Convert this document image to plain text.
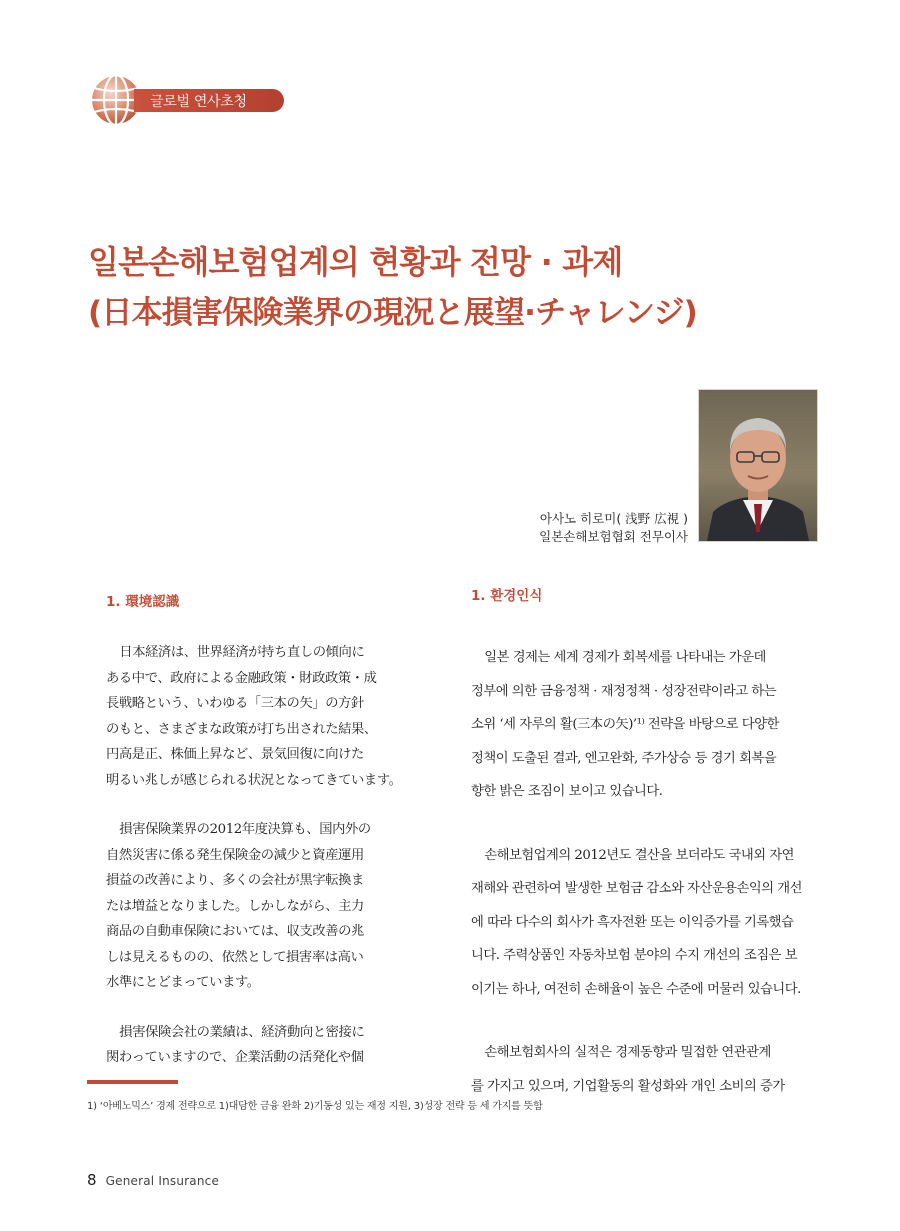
글로벌 연사초청
일본손해보험업계의 현황과 전망 · 과제
(日本損害保険業界の現況と展望·チャレンジ)
아사노 히로미( 浅野 広視 )
일본손해보험협회 전무이사
1. 環境認識

日本経済は、世界経済が持ち直しの傾向に
ある中で、政府による金融政策・財政政策・成
長戦略という、いわゆる「三本の矢」の方針
のもと、さまざまな政策が打ち出された結果、
円高是正、株価上昇など、景気回復に向けた
明るい兆しが感じられる状況となってきています。

損害保険業界の2012年度決算も、国内外の
自然災害に係る発生保険金の減少と資産運用
損益の改善により、多くの会社が黒字転換ま
たは増益となりました。しかしながら、主力
商品の自動車保険においては、収支改善の兆
しは見えるものの、依然として損害率は高い
水準にとどまっています。

損害保険会社の業績は、経済動向と密接に
関わっていますので、企業活動の活発化や個

1. 환경인식

일본 경제는 세계 경제가 회복세를 나타내는 가운데
정부에 의한 금융정책 · 재정정책 · 성장전략이라고 하는
소위 ‘세 자루의 활(三本の矢)’¹⁾ 전략을 바탕으로 다양한
정책이 도출된 결과, 엔고완화, 주가상승 등 경기 회복을
향한 밝은 조짐이 보이고 있습니다.

손해보험업계의 2012년도 결산을 보더라도 국내외 자연
재해와 관련하여 발생한 보험금 감소와 자산운용손익의 개선
에 따라 다수의 회사가 흑자전환 또는 이익증가를 기록했습
니다. 주력상품인 자동차보험 분야의 수지 개선의 조짐은 보
이기는 하나, 여전히 손해율이 높은 수준에 머물러 있습니다.

손해보험회사의 실적은 경제동향과 밀접한 연관관계
를 가지고 있으며, 기업활동의 활성화와 개인 소비의 증가

1) ‘아베노믹스’ 경제 전략으로 1)대담한 금융 완화 2)기동성 있는 재정 지원, 3)성장 전략 등 세 가지를 뜻함
8 General Insurance
